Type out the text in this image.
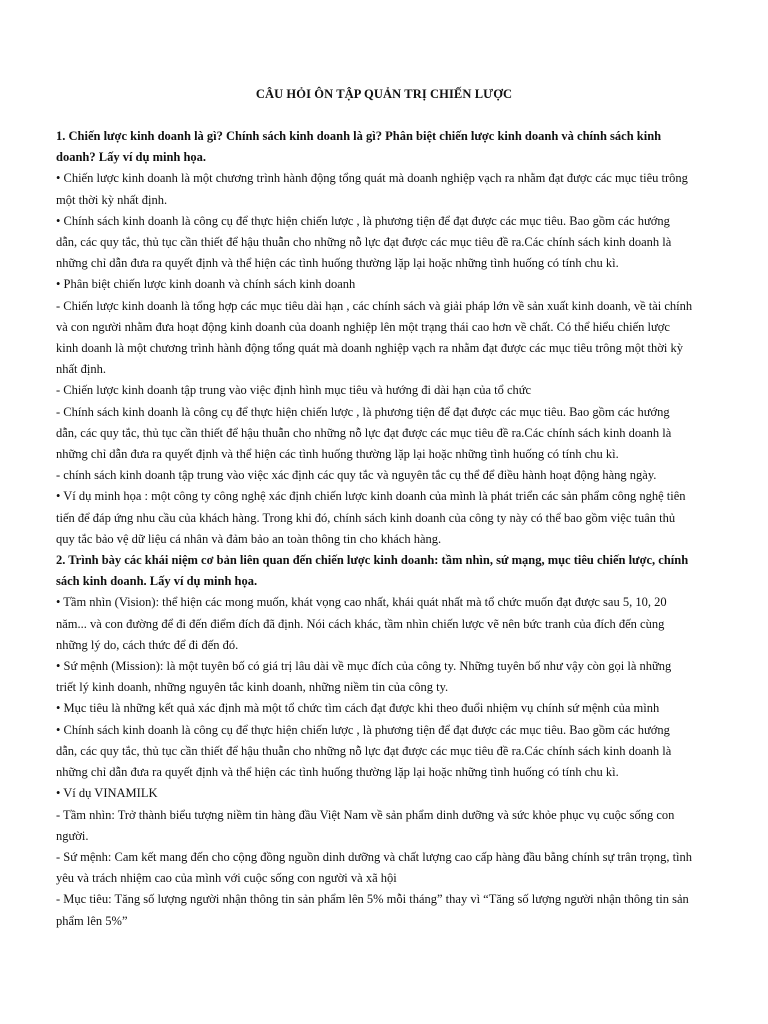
CÂU HỎI ÔN TẬP QUẢN TRỊ CHIẾN LƯỢC
1. Chiến lược kinh doanh là gì? Chính sách kinh doanh là gì? Phân biệt chiến lược kinh doanh và chính sách kinh
doanh? Lấy ví dụ minh họa.
• Chiến lược kinh doanh là một chương trình hành động tổng quát mà doanh nghiệp vạch ra nhằm đạt được các mục tiêu trông
một thời kỳ nhất định.
• Chính sách kinh doanh là công cụ để thực hiện chiến lược , là phương tiện để đạt được các mục tiêu. Bao gồm các hướng
dẫn, các quy tắc, thủ tục cần thiết để hậu thuẫn cho những nỗ lực đạt được các mục tiêu đề ra.Các chính sách kinh doanh là
những chỉ dẫn đưa ra quyết định và thể hiện các tình huống thường lặp lại hoặc những tình huống có tính chu kì.
• Phân biệt chiến lược kinh doanh và chính sách kinh doanh
- Chiến lược kinh doanh là tổng hợp các mục tiêu dài hạn , các chính sách và giải pháp lớn về sản xuất kinh doanh, về tài chính
và con người nhằm đưa hoạt động kinh doanh của doanh nghiệp lên một trạng thái cao hơn về chất. Có thể hiểu chiến lược
kinh doanh là một chương trình hành động tổng quát mà doanh nghiệp vạch ra nhằm đạt được các mục tiêu trông một thời kỳ
nhất định.
- Chiến lược kinh doanh tập trung vào việc định hình mục tiêu và hướng đi dài hạn của tổ chức
- Chính sách kinh doanh là công cụ để thực hiện chiến lược , là phương tiện để đạt được các mục tiêu. Bao gồm các hướng
dẫn, các quy tắc, thủ tục cần thiết để hậu thuẫn cho những nỗ lực đạt được các mục tiêu đề ra.Các chính sách kinh doanh là
những chỉ dẫn đưa ra quyết định và thể hiện các tình huống thường lặp lại hoặc những tình huống có tính chu kì.
- chính sách kinh doanh tập trung vào việc xác định các quy tắc và nguyên tắc cụ thể để điều hành hoạt động hàng ngày.
• Ví dụ minh họa : một công ty công nghệ xác định chiến lược kinh doanh của mình là phát triển các sản phẩm công nghệ tiên
tiến để đáp ứng nhu cầu của khách hàng. Trong khi đó, chính sách kinh doanh của công ty này có thể bao gồm việc tuân thủ
quy tắc bảo vệ dữ liệu cá nhân và đảm bảo an toàn thông tin cho khách hàng.
2. Trình bày các khái niệm cơ bản liên quan đến chiến lược kinh doanh: tầm nhìn, sứ mạng, mục tiêu chiến lược, chính
sách kinh doanh. Lấy ví dụ minh họa.
• Tầm nhìn (Vision): thể hiện các mong muốn, khát vọng cao nhất, khái quát nhất mà tổ chức muốn đạt được sau 5, 10, 20
năm... và con đường để đi đến điểm đích đã định. Nói cách khác, tầm nhìn chiến lược vẽ nên bức tranh của đích đến cùng
những lý do, cách thức để đi đến đó.
• Sứ mệnh (Mission): là một tuyên bố có giá trị lâu dài về mục đích của công ty. Những tuyên bố như vậy còn gọi là những
triết lý kinh doanh, những nguyên tắc kinh doanh, những niềm tin của công ty.
• Mục tiêu là những kết quả xác định mà một tổ chức tìm cách đạt được khi theo đuổi nhiệm vụ chính sứ mệnh của mình
• Chính sách kinh doanh là công cụ để thực hiện chiến lược , là phương tiện để đạt được các mục tiêu. Bao gồm các hướng
dẫn, các quy tắc, thủ tục cần thiết để hậu thuẫn cho những nỗ lực đạt được các mục tiêu đề ra.Các chính sách kinh doanh là
những chỉ dẫn đưa ra quyết định và thể hiện các tình huống thường lặp lại hoặc những tình huống có tính chu kì.
• Ví dụ VINAMILK
- Tầm nhìn: Trở thành biểu tượng niềm tin hàng đầu Việt Nam về sản phẩm dinh dưỡng và sức khỏe phục vụ cuộc sống con
người.
- Sứ mệnh: Cam kết mang đến cho cộng đồng nguồn dinh dưỡng và chất lượng cao cấp hàng đầu bằng chính sự trân trọng, tình
yêu và trách nhiệm cao của mình với cuộc sống con người và xã hội
- Mục tiêu: Tăng số lượng người nhận thông tin sản phẩm lên 5% mỗi tháng” thay vì “Tăng số lượng người nhận thông tin sản
phẩm lên 5%”
